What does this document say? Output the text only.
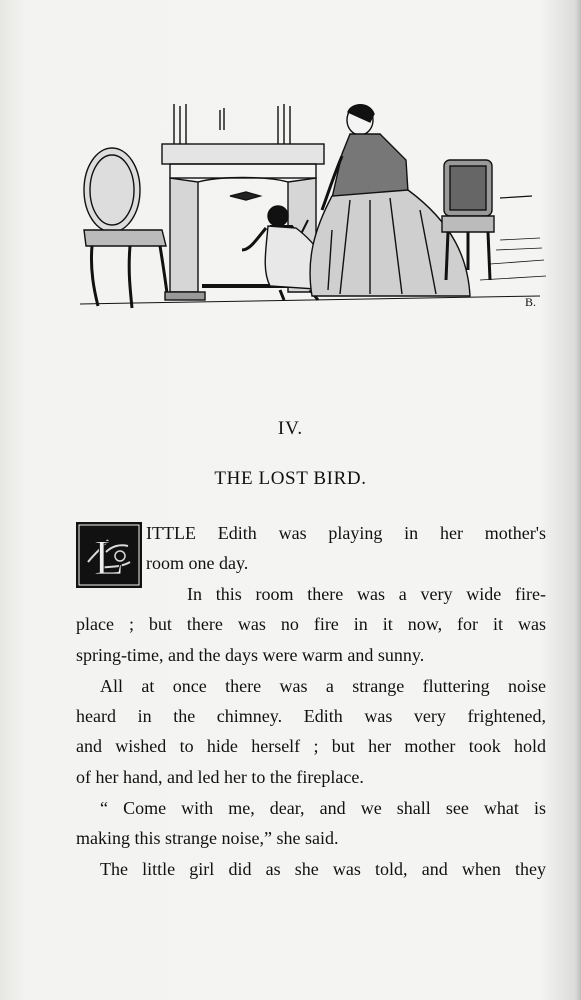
B.
IV.
THE LOST BIRD.
L ITTLE Edith was playing in her mother's
room one day.
In this room there was a very wide fire-
place ; but there was no fire in it now, for it was
spring-time, and the days were warm and sunny.
All at once there was a strange fluttering noise
heard in the chimney. Edith was very frightened,
and wished to hide herself ; but her mother took hold
of her hand, and led her to the fireplace.
“ Come with me, dear, and we shall see what is
making this strange noise,” she said.
The little girl did as she was told, and when they
